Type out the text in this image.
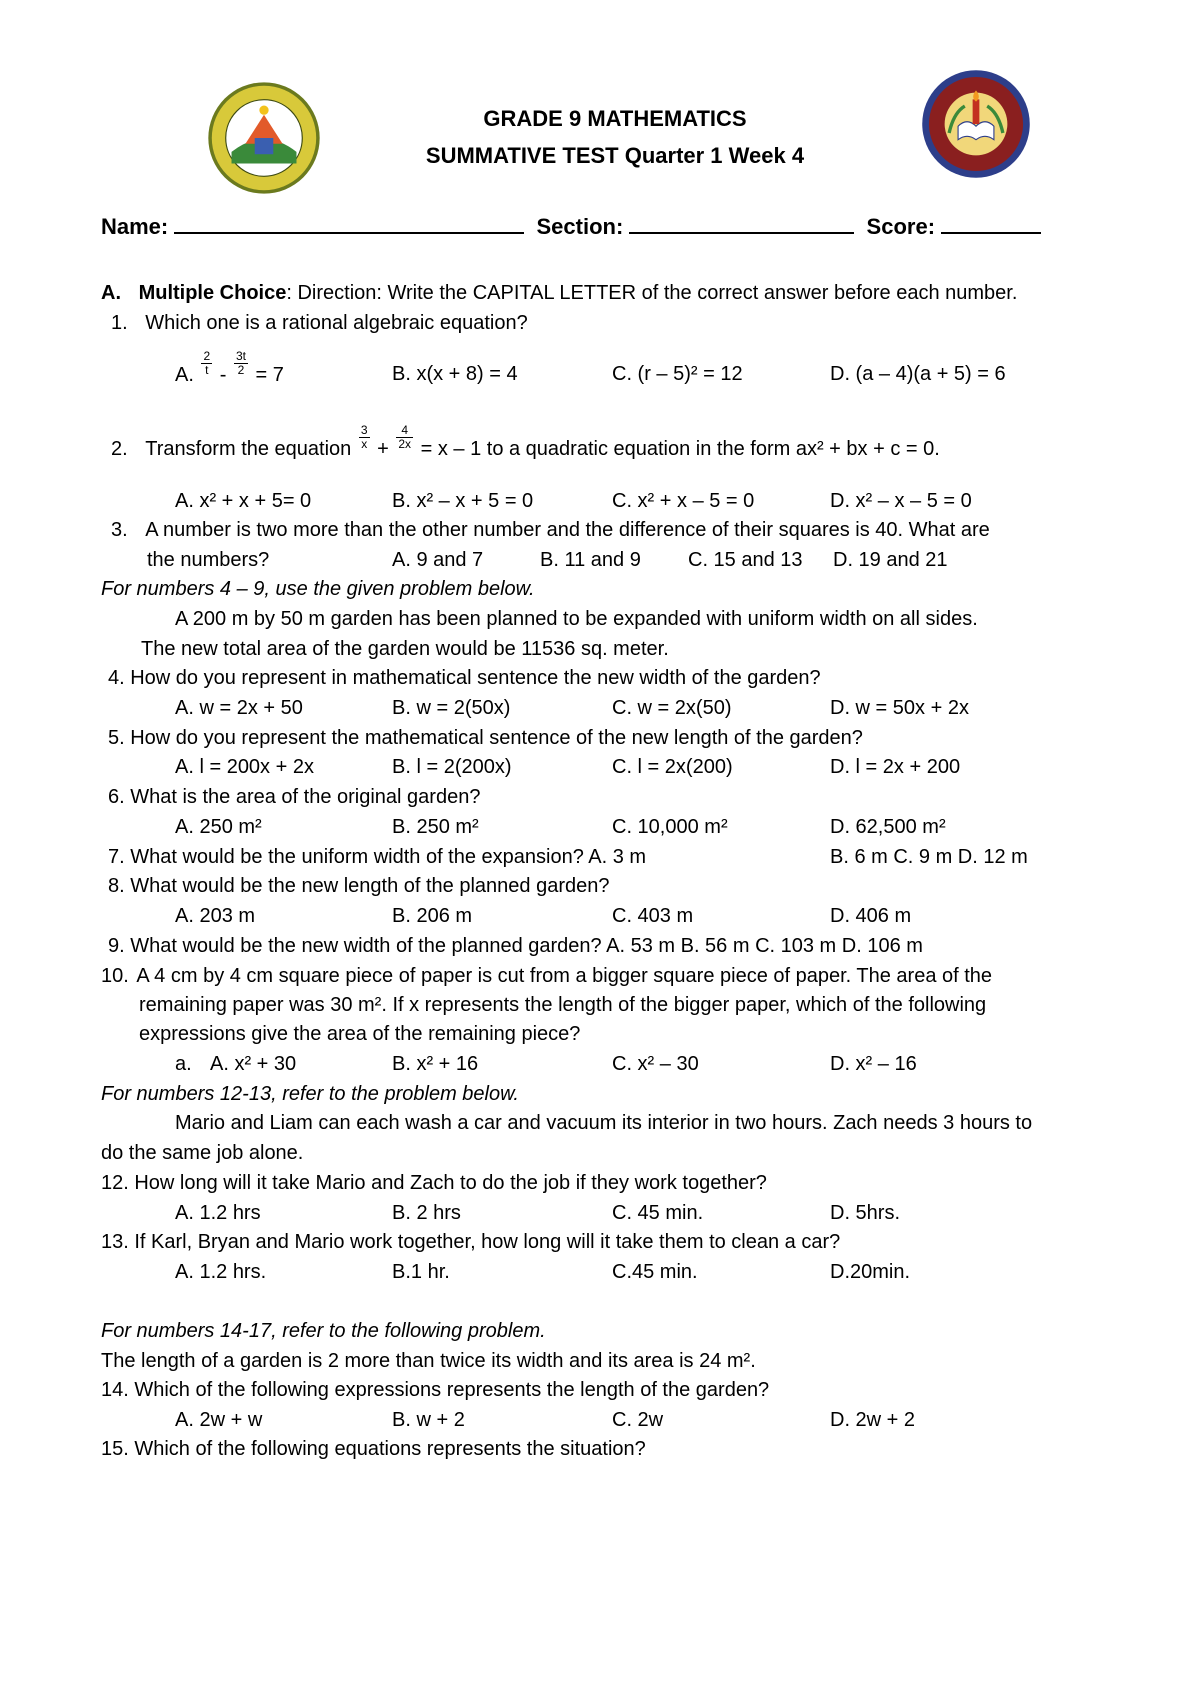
GRADE 9 MATHEMATICS
SUMMATIVE TEST Quarter 1 Week 4
Name:	Section:	Score:
A. Multiple Choice: Direction: Write the CAPITAL LETTER of the correct answer before each number.
1. Which one is a rational algebraic equation?
A. $\frac{2}{t} - \frac{3t}{2} = 7$	B. x(x + 8) = 4	C. (r – 5)² = 12	D. (a – 4)(a + 5) = 6
2. Transform the equation $\frac{3}{x} + \frac{4}{2x} = x - 1$ to a quadratic equation in the form ax² + bx + c = 0.
A. x² + x + 5= 0	B. x² – x + 5 = 0	C. x² + x – 5 = 0	D. x² – x – 5 = 0
3. A number is two more than the other number and the difference of their squares is 40. What are
the numbers?	A. 9 and 7	B. 11 and 9 C. 15 and 13 D. 19 and 21
For numbers 4 – 9, use the given problem below.
A 200 m by 50 m garden has been planned to be expanded with uniform width on all sides.
The new total area of the garden would be 11536 sq. meter.
4. How do you represent in mathematical sentence the new width of the garden?
A. w = 2x + 50	B. w = 2(50x)	C. w = 2x(50)	D. w = 50x + 2x
5. How do you represent the mathematical sentence of the new length of the garden?
A. l = 200x + 2x	B. l = 2(200x)	C. l = 2x(200)	D. l = 2x + 200
6. What is the area of the original garden?
A. 250 m²	B. 250 m²	C. 10,000 m²	D. 62,500 m²
7. What would be the uniform width of the expansion? A. 3 m	B. 6 m C. 9 m D. 12 m
8. What would be the new length of the planned garden?
A. 203 m	B. 206 m	C. 403 m	D. 406 m
9. What would be the new width of the planned garden? A. 53 m B. 56 m C. 103 m D. 106 m
10. A 4 cm by 4 cm square piece of paper is cut from a bigger square piece of paper. The area of the
remaining paper was 30 m². If x represents the length of the bigger paper, which of the following
expressions give the area of the remaining piece?
a. A. x² + 30	B. x² + 16	C. x² – 30	D. x² – 16
For numbers 12-13, refer to the problem below.
Mario and Liam can each wash a car and vacuum its interior in two hours. Zach needs 3 hours to
do the same job alone.
12. How long will it take Mario and Zach to do the job if they work together?
A. 1.2 hrs	B. 2 hrs	C. 45 min.	D. 5hrs.
13. If Karl, Bryan and Mario work together, how long will it take them to clean a car?
A. 1.2 hrs.	B.1 hr.	C.45 min.	D.20min.
For numbers 14-17, refer to the following problem.
The length of a garden is 2 more than twice its width and its area is 24 m².
14. Which of the following expressions represents the length of the garden?
A. 2w + w	B. w + 2	C. 2w	D. 2w + 2
15. Which of the following equations represents the situation?
